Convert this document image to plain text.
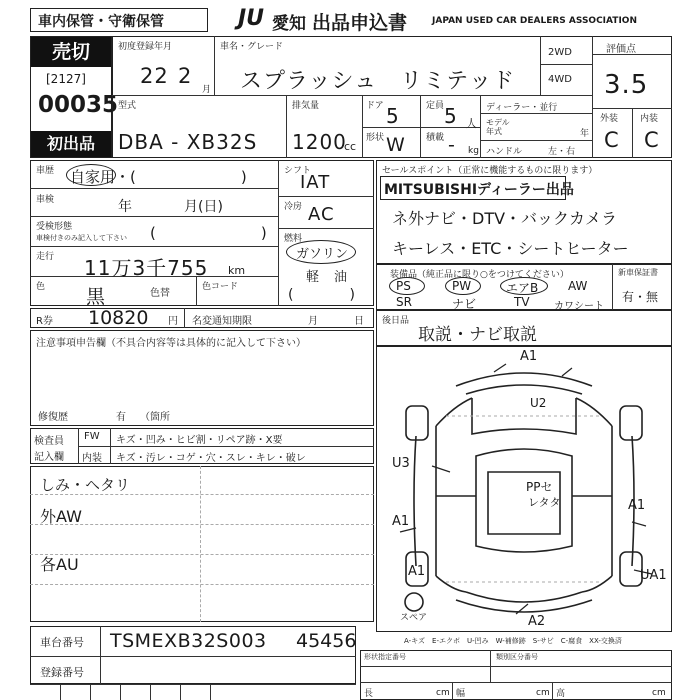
車内保管・守衛保管	JU 愛知 出品申込書	JAPAN USED CAR DEALERS ASSOCIATION
売切
[2127]
00035
初出品
初度登録年月
22 2
月
車名・グレード
スプラッシュ　リミテッド
2WD
4WD
評価点
3.5
型式
DBA - XB32S
排気量
1200
cc
ドア 5
形状 W
定員 5 人
積載 - kg
ディーラー・並行
モデル年式	年
ハンドル	左・右
外装 内装
C C
車歴 自家用・(　　　　　　　)
車検	年	月(日)
受検形態
車検付きのみ記入して下さい (　　　　　　　)
走行 11万3千755 km
色 黒	色替
色コード
シフト
IAT
冷房 AC
燃料
ガソリン
軽 油
(　　　　)
R券 10820 円 名変通知期限	月	日
セールスポイント（正常に機能するものに限ります）
MITSUBISHIディーラー出品
ネ外ナビ・DTV・バックカメラ
キーレス・ETC・シートヒーター
装備品（純正品に限り○をつけてください）	新車保証書
有・無
PS	PW	エアB AW
SR	ナビ	TV カワシート
後日品
取説・ナビ取説
注意事項申告欄（不具合内容等は具体的に記入して下さい）
修復歴	有 （箇所
検査員
記入欄
FW キズ・凹み・ヒビ割・リペア跡・X要
内装 キズ・汚レ・コゲ・穴・スレ・キレ・破レ
しみ・ヘタリ
外AW
各AU
A1
U2
U3
A1
A1
A1	UA1
A2
PPセ
レタタ
スペア
A-キズ　E-エクボ　U-凹み　W-補修跡　S-サビ　C-腐食　XX-交換済
車台番号 TSMEXB32S003 45456
登録番号
形状指定番号	類別区分番号
長	cm 幅	cm 高	cm
